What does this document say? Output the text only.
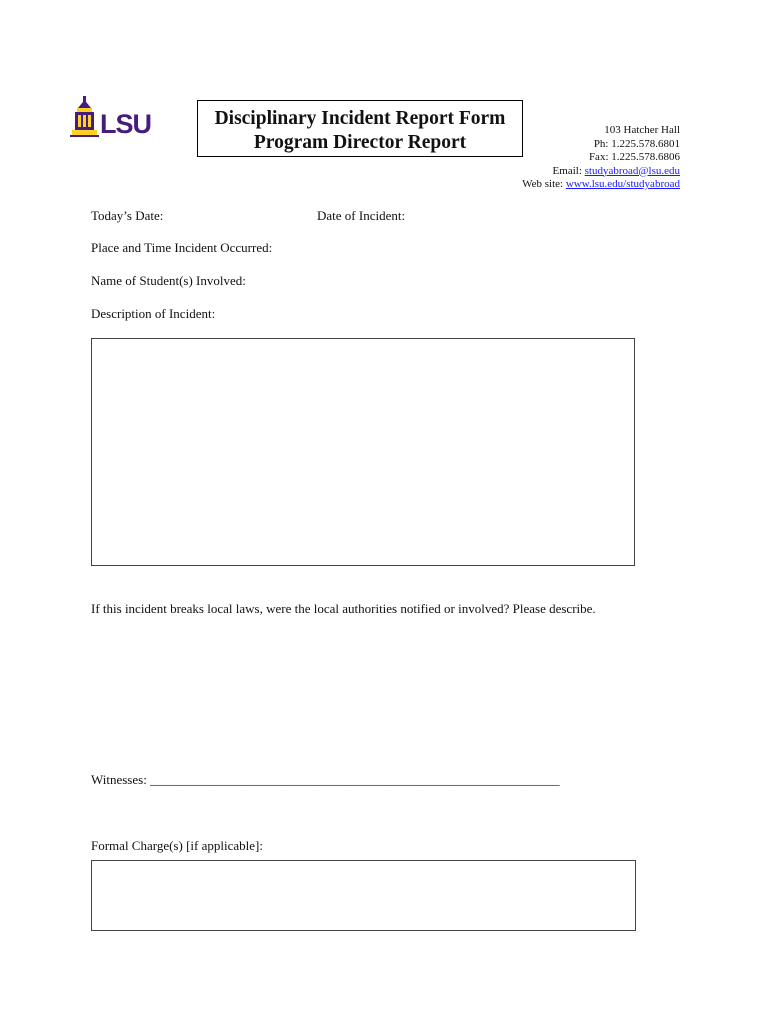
LSU	Disciplinary Incident Report Form
Program Director Report
103 Hatcher Hall
Ph: 1.225.578.6801
Fax: 1.225.578.6806
Email: studyabroad@lsu.edu
Web site: www.lsu.edu/studyabroad
Today’s Date:	Date of Incident:
Place and Time Incident Occurred:
Name of Student(s) Involved:
Description of Incident:
If this incident breaks local laws, were the local authorities notified or involved? Please describe.
Witnesses: _______________________________________________________________
Formal Charge(s) [if applicable]:
